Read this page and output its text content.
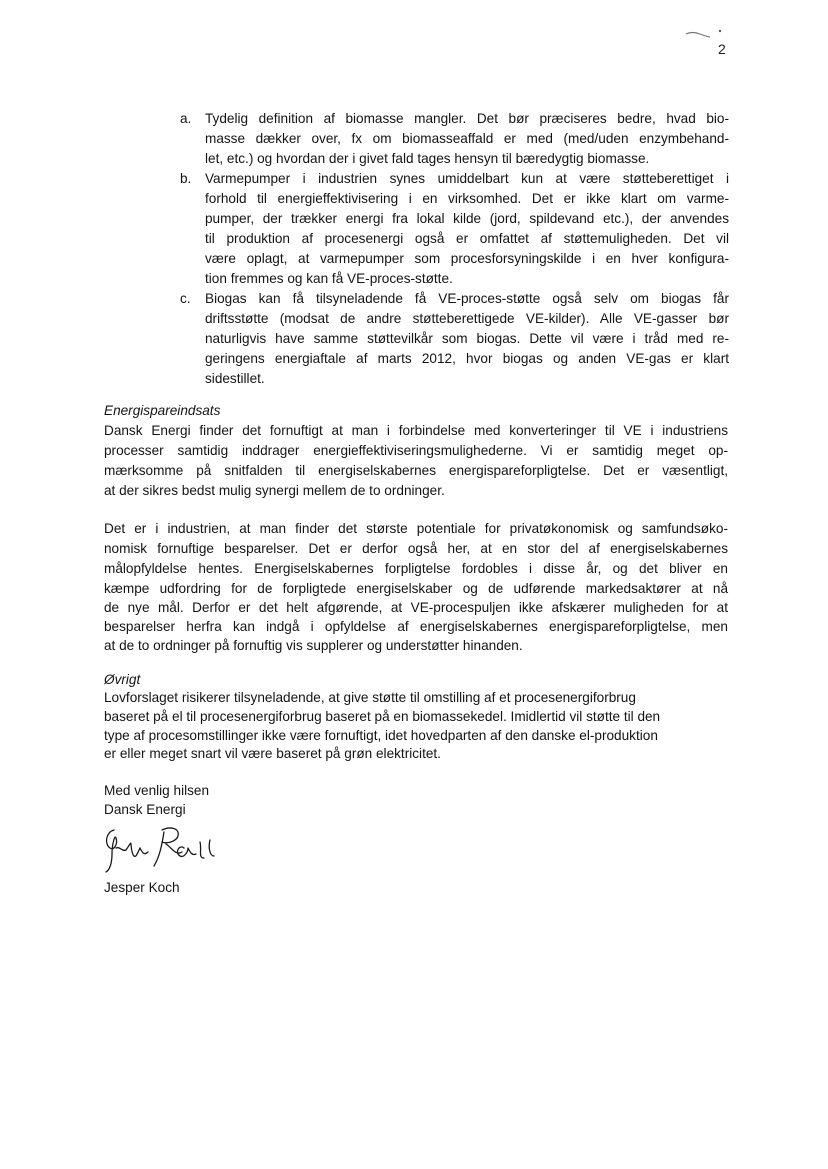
2
a. Tydelig definition af biomasse mangler. Det bør præciseres bedre, hvad bio-
masse dækker over, fx om biomasseaffald er med (med/uden enzymbehand-
let, etc.) og hvordan der i givet fald tages hensyn til bæredygtig biomasse.
b. Varmepumper i industrien synes umiddelbart kun at være støtteberettiget i
forhold til energieffektivisering i en virksomhed. Det er ikke klart om varme-
pumper, der trækker energi fra lokal kilde (jord, spildevand etc.), der anvendes
til produktion af procesenergi også er omfattet af støttemuligheden. Det vil
være oplagt, at varmepumper som procesforsyningskilde i en hver konfigura-
tion fremmes og kan få VE-proces-støtte.
c. Biogas kan få tilsyneladende få VE-proces-støtte også selv om biogas får
driftsstøtte (modsat de andre støtteberettigede VE-kilder). Alle VE-gasser bør
naturligvis have samme støttevilkår som biogas. Dette vil være i tråd med re-
geringens energiaftale af marts 2012, hvor biogas og anden VE-gas er klart
sidestillet.
Energispareindsats
Dansk Energi finder det fornuftigt at man i forbindelse med konverteringer til VE i industriens
processer samtidig inddrager energieffektiviseringsmulighederne. Vi er samtidig meget op-
mærksomme på snitfalden til energiselskabernes energispareforpligtelse. Det er væsentligt,
at der sikres bedst mulig synergi mellem de to ordninger.
Det er i industrien, at man finder det største potentiale for privatøkonomisk og samfundsøko-
nomisk fornuftige besparelser. Det er derfor også her, at en stor del af energiselskabernes
målopfyldelse hentes. Energiselskabernes forpligtelse fordobles i disse år, og det bliver en
kæmpe udfordring for de forpligtede energiselskaber og de udførende markedsaktører at nå
de nye mål. Derfor er det helt afgørende, at VE-procespuljen ikke afskærer muligheden for at
besparelser herfra kan indgå i opfyldelse af energiselskabernes energispareforpligtelse, men
at de to ordninger på fornuftig vis supplerer og understøtter hinanden.
Øvrigt
Lovforslaget risikerer tilsyneladende, at give støtte til omstilling af et procesenergiforbrug
baseret på el til procesenergiforbrug baseret på en biomassekedel. Imidlertid vil støtte til den
type af procesomstillinger ikke være fornuftigt, idet hovedparten af den danske el-produktion
er eller meget snart vil være baseret på grøn elektricitet.
Med venlig hilsen
Dansk Energi
Jesper Koch
